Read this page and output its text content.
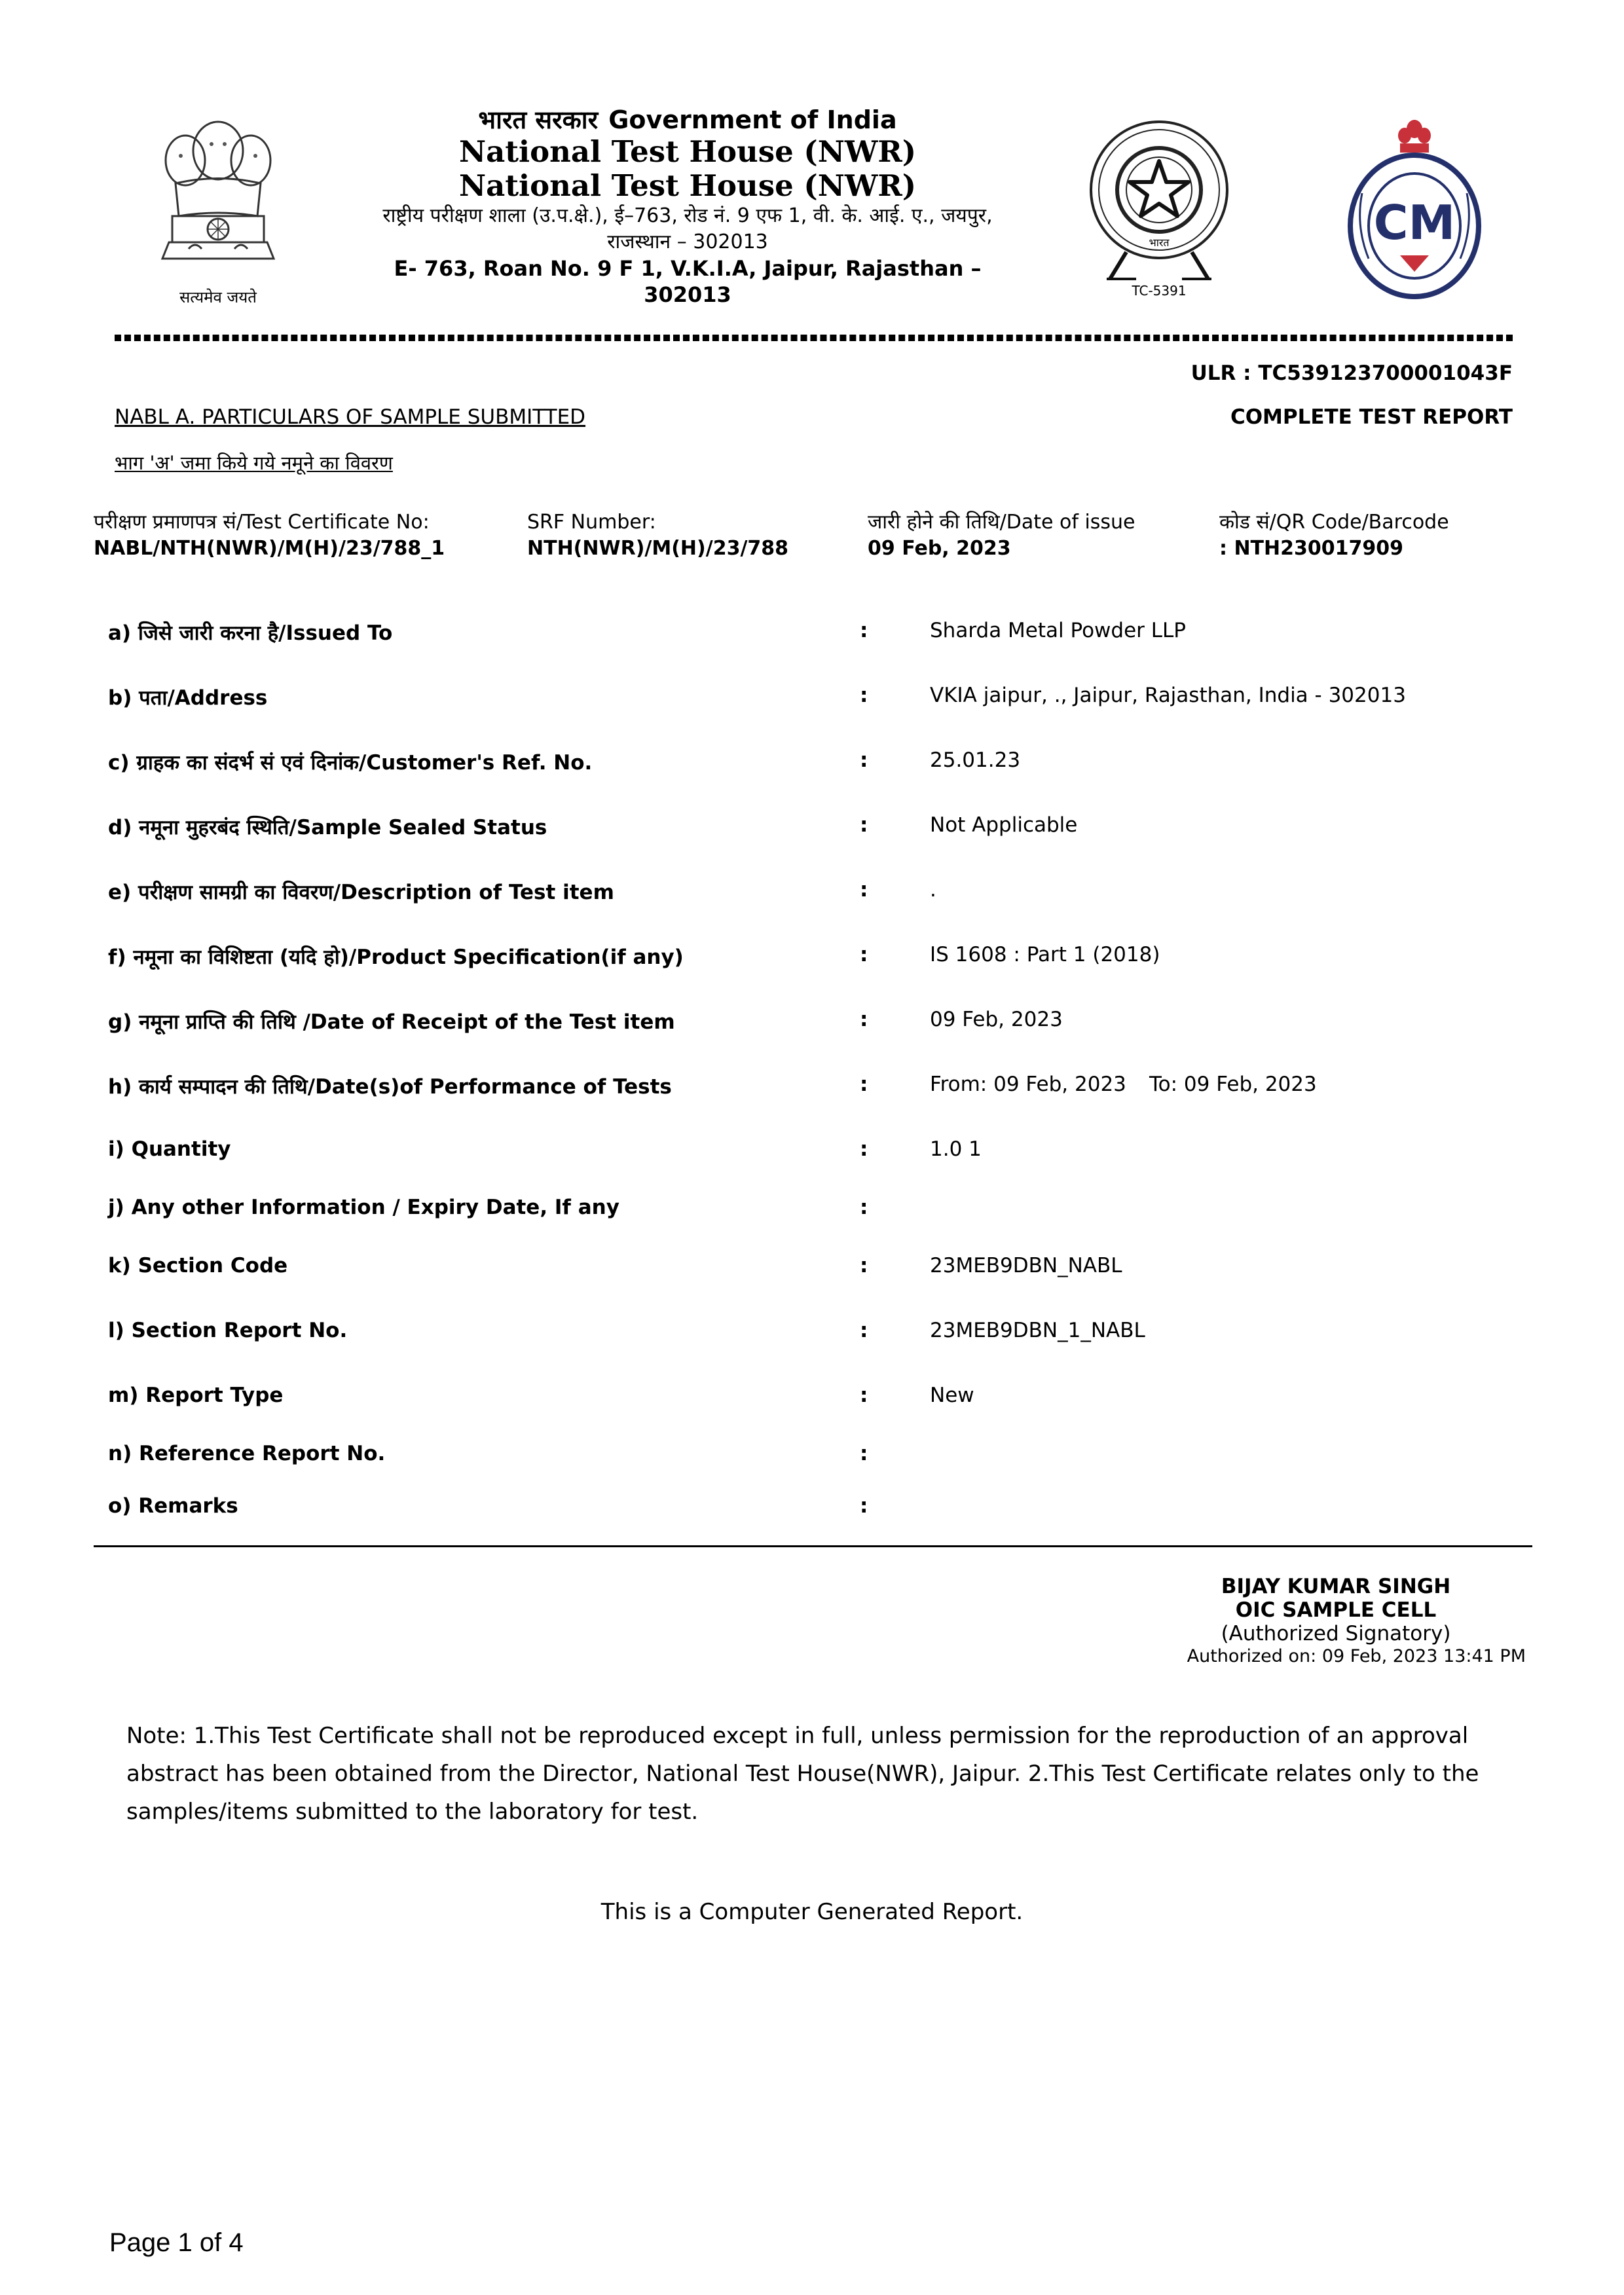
सत्यमेव जयते
भारत सरकार Government of India
National Test House (NWR)
National Test House (NWR)
राष्ट्रीय परीक्षण शाला (उ.प.क्षे.), ई–763, रोड नं. 9 एफ 1, वी. के. आई. ए., जयपुर,
राजस्थान – 302013
E- 763, Roan No. 9 F 1, V.K.I.A, Jaipur, Rajasthan –
302013
भारत
TC-5391
CM
ULR : TC539123700001043F
NABL A. PARTICULARS OF SAMPLE SUBMITTED	COMPLETE TEST REPORT
भाग 'अ' जमा किये गये नमूने का विवरण
परीक्षण प्रमाणपत्र सं/Test Certificate No:
NABL/NTH(NWR)/M(H)/23/788_1
SRF Number:
NTH(NWR)/M(H)/23/788
जारी होने की तिथि/Date of issue
09 Feb, 2023
कोड सं/QR Code/Barcode
: NTH230017909
a) जिसे जारी करना है/Issued To	:	Sharda Metal Powder LLP
b) पता/Address	:	VKIA jaipur, ., Jaipur, Rajasthan, India - 302013
c) ग्राहक का संदर्भ सं एवं दिनांक/Customer's Ref. No.	:	25.01.23
d) नमूना मुहरबंद स्थिति/Sample Sealed Status	:	Not Applicable
e) परीक्षण सामग्री का विवरण/Description of Test item	:	.
f) नमूना का विशिष्टता (यदि हो)/Product Specification(if any)	:	IS 1608 : Part 1 (2018)
g) नमूना प्राप्ति की तिथि /Date of Receipt of the Test item	:	09 Feb, 2023
h) कार्य सम्पादन की तिथि/Date(s)of Performance of Tests	:	From: 09 Feb, 2023 To: 09 Feb, 2023
i) Quantity	:	1.0 1
j) Any other Information / Expiry Date, If any	:
k) Section Code	:	23MEB9DBN_NABL
l) Section Report No.	:	23MEB9DBN_1_NABL
m) Report Type	:	New
n) Reference Report No.	:
o) Remarks	:
BIJAY KUMAR SINGH
OIC SAMPLE CELL
(Authorized Signatory)
Authorized on: 09 Feb, 2023 13:41 PM
Note: 1.This Test Certificate shall not be reproduced except in full, unless permission for the reproduction of an approval abstract has been obtained from the Director, National Test House(NWR), Jaipur. 2.This Test Certificate relates only to the samples/items submitted to the laboratory for test.
This is a Computer Generated Report.
Page 1 of 4
